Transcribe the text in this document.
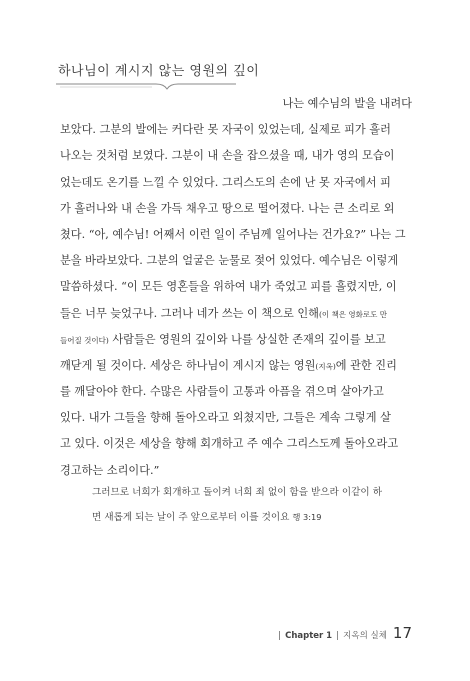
하나님이 계시지 않는 영원의 깊이
나는 예수님의 발을 내려다
보았다. 그분의 발에는 커다란 못 자국이 있었는데, 실제로 피가 흘러
나오는 것처럼 보였다. 그분이 내 손을 잡으셨을 때, 내가 영의 모습이
었는데도 온기를 느낄 수 있었다. 그리스도의 손에 난 못 자국에서 피
가 흘러나와 내 손을 가득 채우고 땅으로 떨어졌다. 나는 큰 소리로 외
쳤다. “아, 예수님! 어째서 이런 일이 주님께 일어나는 건가요?” 나는 그
분을 바라보았다. 그분의 얼굴은 눈물로 젖어 있었다. 예수님은 이렇게
말씀하셨다. “이 모든 영혼들을 위하여 내가 죽었고 피를 흘렸지만, 이
들은 너무 늦었구나. 그러나 네가 쓰는 이 책으로 인해(이 책은 영화로도 만
들어질 것이다) 사람들은 영원의 깊이와 나를 상실한 존재의 깊이를 보고
깨닫게 될 것이다. 세상은 하나님이 계시지 않는 영원(지옥)에 관한 진리
를 깨달아야 한다. 수많은 사람들이 고통과 아픔을 겪으며 살아가고
있다. 내가 그들을 향해 돌아오라고 외쳤지만, 그들은 계속 그렇게 살
고 있다. 이것은 세상을 향해 회개하고 주 예수 그리스도께 돌아오라고
경고하는 소리이다.”
그러므로 너희가 회개하고 돌이켜 너희 죄 없이 함을 받으라 이같이 하
면 새롭게 되는 날이 주 앞으로부터 이를 것이요 행 3:19
| Chapter 1 | 지옥의 실체 17
